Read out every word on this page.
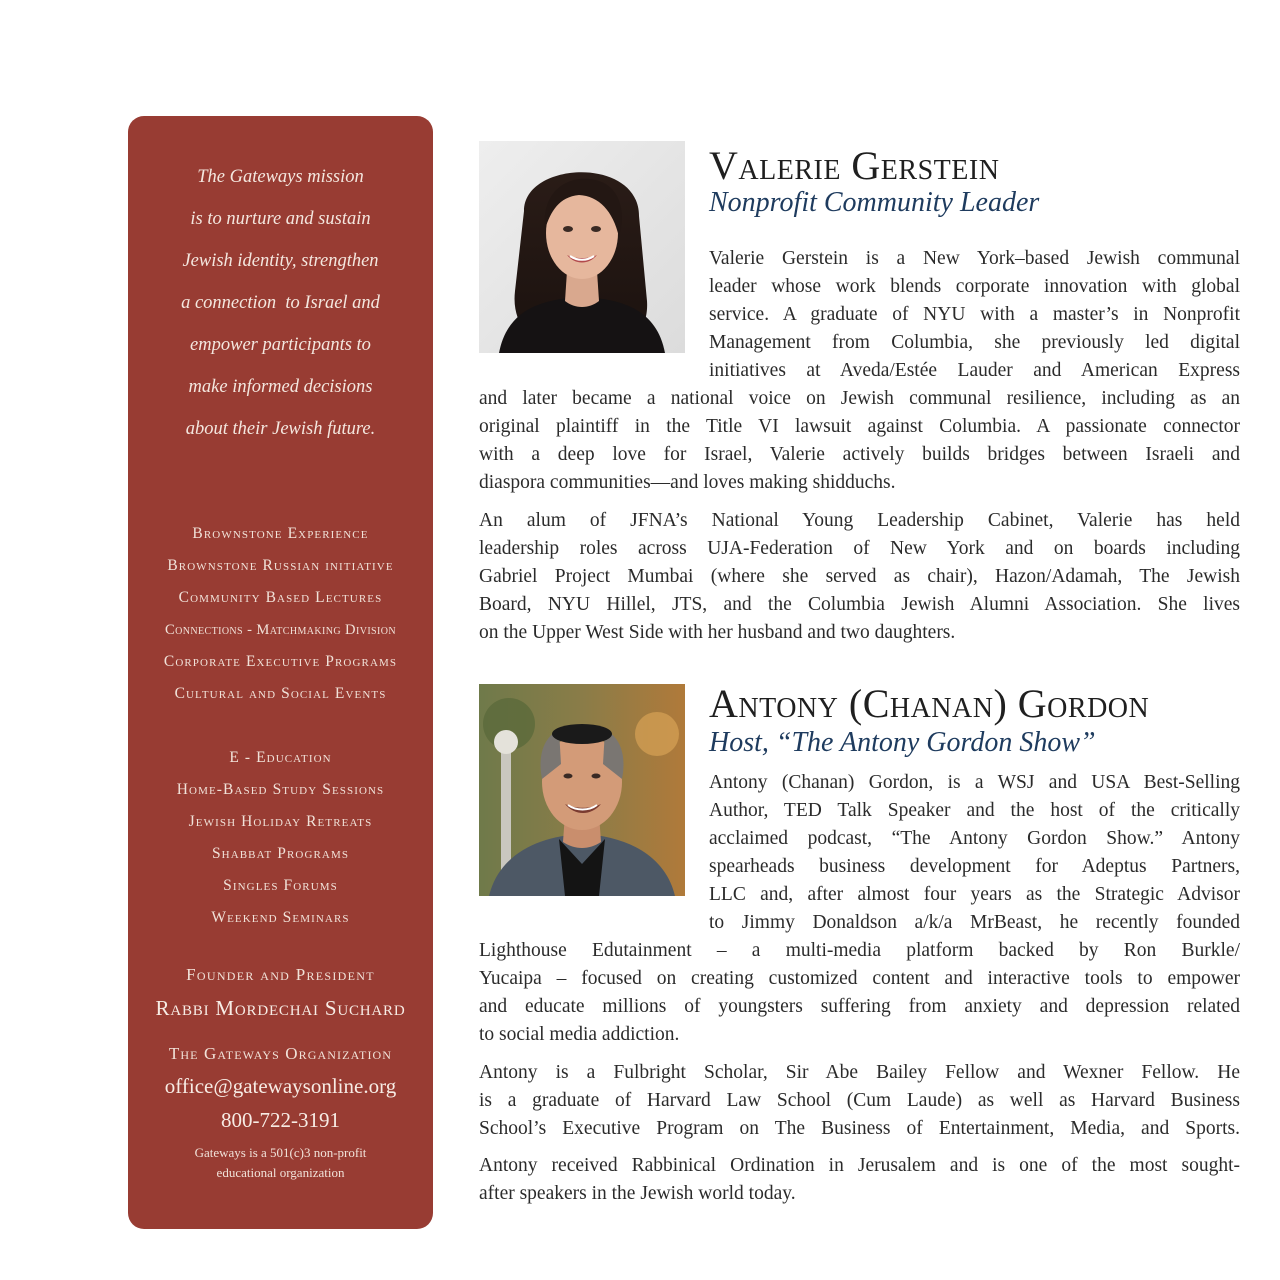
The Gateways mission
is to nurture and sustain
Jewish identity, strengthen
a connection  to Israel and
empower participants to
make informed decisions
about their Jewish future.
Brownstone Experience
Brownstone Russian initiative
Community Based Lectures
Connections - Matchmaking Division
Corporate Executive Programs
Cultural and Social Events
E - Education
Home-Based Study Sessions
Jewish Holiday Retreats
Shabbat Programs
Singles Forums
Weekend Seminars
Founder and President
Rabbi Mordechai Suchard
The Gateways Organization
office@gatewaysonline.org
800-722-3191
Gateways is a 501(c)3 non-profit
educational organization
Valerie Gerstein
Nonprofit Community Leader
Valerie Gerstein is a New York–based Jewish communal
leader whose work blends corporate innovation with global
service. A graduate of NYU with a master’s in Nonprofit
Management from Columbia, she previously led digital
initiatives at Aveda/Estée Lauder and American Express
and later became a national voice on Jewish communal resilience, including as an
original plaintiff in the Title VI lawsuit against Columbia. A passionate connector
with a deep love for Israel, Valerie actively builds bridges between Israeli and
diaspora communities—and loves making shidduchs.
An alum of JFNA’s National Young Leadership Cabinet, Valerie has held
leadership roles across UJA-Federation of New York and on boards including
Gabriel Project Mumbai (where she served as chair), Hazon/Adamah, The Jewish
Board, NYU Hillel, JTS, and the Columbia Jewish Alumni Association. She lives
on the Upper West Side with her husband and two daughters.
Antony (Chanan) Gordon
Host, “The Antony Gordon Show”
Antony (Chanan) Gordon, is a WSJ and USA Best-Selling
Author, TED Talk Speaker and the host of the critically
acclaimed podcast, “The Antony Gordon Show.” Antony
spearheads business development for Adeptus Partners,
LLC and, after almost four years as the Strategic Advisor
to Jimmy Donaldson a/k/a MrBeast, he recently founded
Lighthouse Edutainment – a multi-media platform backed by Ron Burkle/
Yucaipa – focused on creating customized content and interactive tools to empower
and educate millions of youngsters suffering from anxiety and depression related
to social media addiction.
Antony is a Fulbright Scholar, Sir Abe Bailey Fellow and Wexner Fellow. He
is a graduate of Harvard Law School (Cum Laude) as well as Harvard Business
School’s Executive Program on The Business of Entertainment, Media, and Sports.
Antony received Rabbinical Ordination in Jerusalem and is one of the most sought-
after speakers in the Jewish world today.
